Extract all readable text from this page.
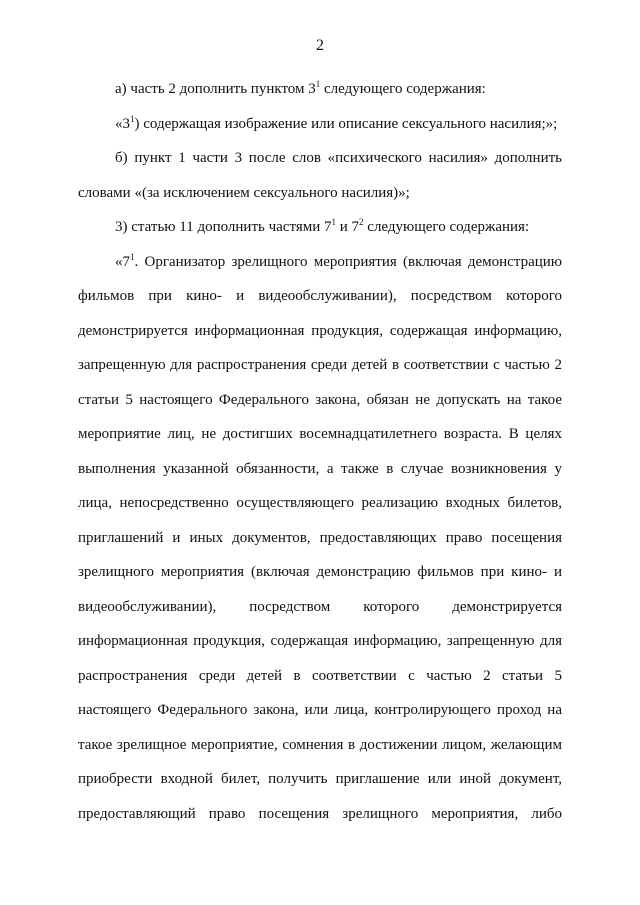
2

а) часть 2 дополнить пунктом $3^1$ следующего содержания:

«$3^1$) содержащая изображение или описание сексуального насилия;»;

б) пункт 1 части 3 после слов «психического насилия» дополнить словами «(за исключением сексуального насилия)»;

3) статью 11 дополнить частями $7^1$ и $7^2$ следующего содержания:

«$7^1$. Организатор зрелищного мероприятия (включая демонстрацию фильмов при кино- и видеообслуживании), посредством которого демонстрируется информационная продукция, содержащая информацию, запрещенную для распространения среди детей в соответствии с частью 2 статьи 5 настоящего Федерального закона, обязан не допускать на такое мероприятие лиц, не достигших восемнадцатилетнего возраста. В целях выполнения указанной обязанности, а также в случае возникновения у лица, непосредственно осуществляющего реализацию входных билетов, приглашений и иных документов, предоставляющих право посещения зрелищного мероприятия (включая демонстрацию фильмов при кино- и видеообслуживании), посредством которого демонстрируется информационная продукция, содержащая информацию, запрещенную для распространения среди детей в соответствии с частью 2 статьи 5 настоящего Федерального закона, или лица, контролирующего проход на такое зрелищное мероприятие, сомнения в достижении лицом, желающим приобрести входной билет, получить приглашение или иной документ, предоставляющий право посещения зрелищного мероприятия, либо
